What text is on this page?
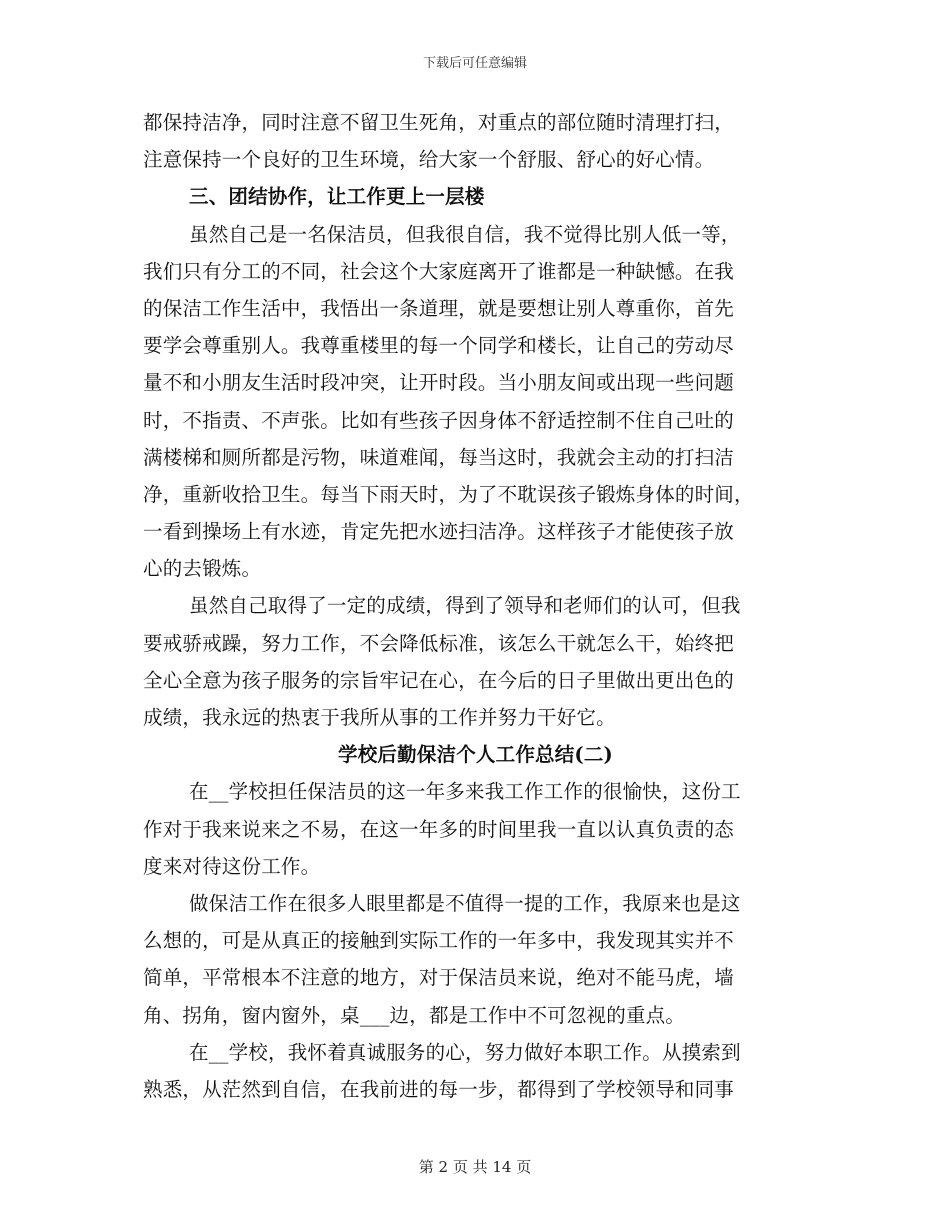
下载后可任意编辑
都保持洁净，同时注意不留卫生死角，对重点的部位随时清理打扫，
注意保持一个良好的卫生环境，给大家一个舒服、舒心的好心情。
三、团结协作，让工作更上一层楼
虽然自己是一名保洁员，但我很自信，我不觉得比别人低一等，
我们只有分工的不同，社会这个大家庭离开了谁都是一种缺憾。在我
的保洁工作生活中，我悟出一条道理，就是要想让别人尊重你，首先
要学会尊重别人。我尊重楼里的每一个同学和楼长，让自己的劳动尽
量不和小朋友生活时段冲突，让开时段。当小朋友间或出现一些问题
时，不指责、不声张。比如有些孩子因身体不舒适控制不住自己吐的
满楼梯和厕所都是污物，味道难闻，每当这时，我就会主动的打扫洁
净，重新收拾卫生。每当下雨天时，为了不耽误孩子锻炼身体的时间，
一看到操场上有水迹，肯定先把水迹扫洁净。这样孩子才能使孩子放
心的去锻炼。
虽然自己取得了一定的成绩，得到了领导和老师们的认可，但我
要戒骄戒躁，努力工作，不会降低标准，该怎么干就怎么干，始终把
全心全意为孩子服务的宗旨牢记在心，在今后的日子里做出更出色的
成绩，我永远的热衷于我所从事的工作并努力干好它。
学校后勤保洁个人工作总结(二)
在__学校担任保洁员的这一年多来我工作工作的很愉快，这份工
作对于我来说来之不易，在这一年多的时间里我一直以认真负责的态
度来对待这份工作。
做保洁工作在很多人眼里都是不值得一提的工作，我原来也是这
么想的，可是从真正的接触到实际工作的一年多中，我发现其实并不
简单，平常根本不注意的地方，对于保洁员来说，绝对不能马虎，墙
角、拐角，窗内窗外，桌___边，都是工作中不可忽视的重点。
在__学校，我怀着真诚服务的心，努力做好本职工作。从摸索到
熟悉，从茫然到自信，在我前进的每一步，都得到了学校领导和同事
第 2 页 共 14 页
